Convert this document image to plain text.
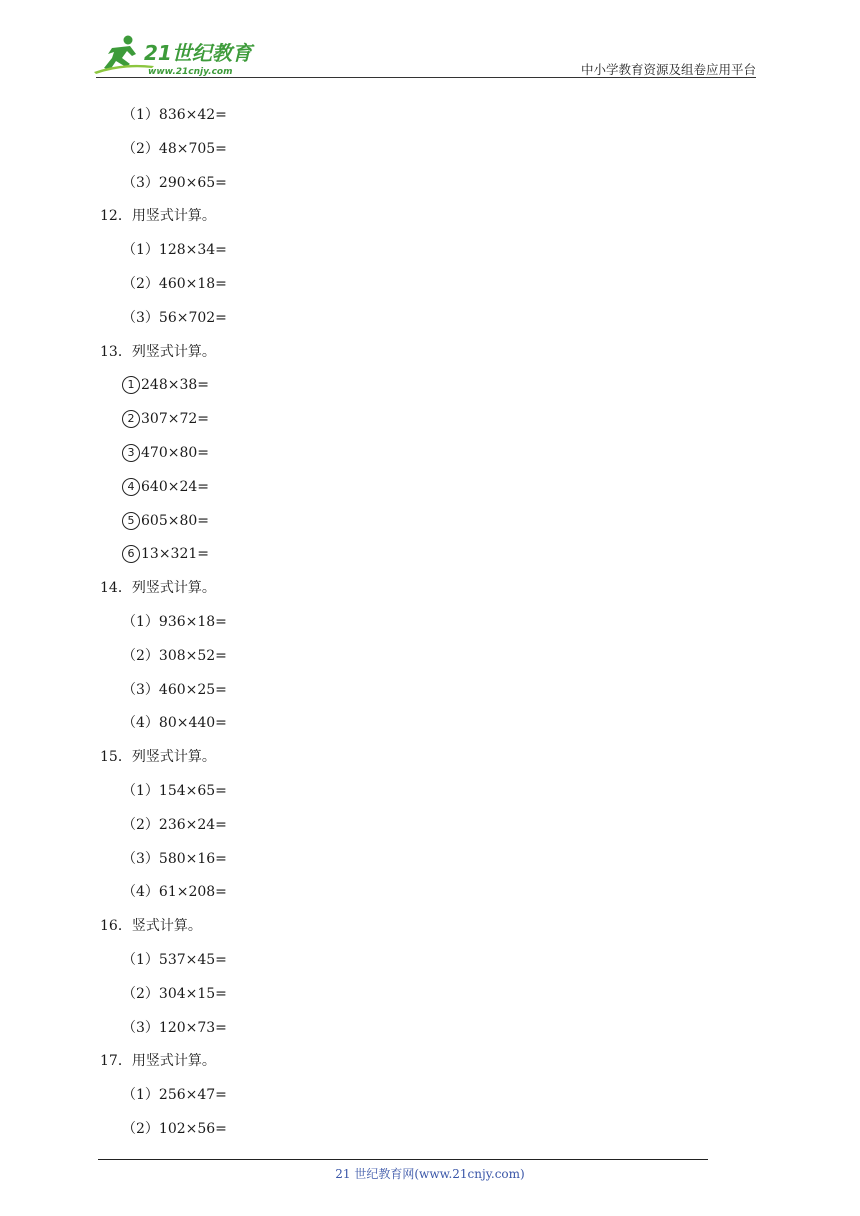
21世纪教育
www.21cnjy.com	中小学教育资源及组卷应用平台
（1）836×42=
（2）48×705=
（3）290×65=
12．用竖式计算。
（1）128×34=
（2）460×18=
（3）56×702=
13．列竖式计算。
1 248×38=
2 307×72=
3 470×80=
4 640×24=
5 605×80=
6 13×321=
14．列竖式计算。
（1）936×18=
（2）308×52=
（3）460×25=
（4）80×440=
15．列竖式计算。
（1）154×65=
（2）236×24=
（3）580×16=
（4）61×208=
16．竖式计算。
（1）537×45=
（2）304×15=
（3）120×73=
17．用竖式计算。
（1）256×47=
（2）102×56=
21 世纪教育网(www.21cnjy.com)
